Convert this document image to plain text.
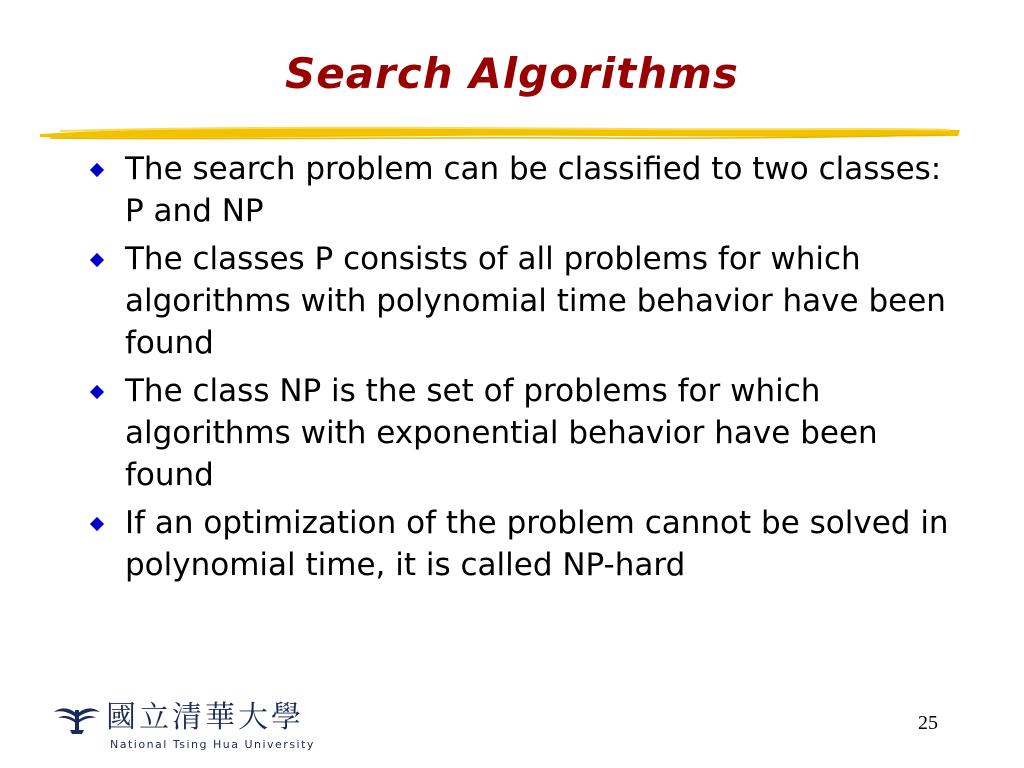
Search Algorithms
The search problem can be classified to two classes: P and NP
The classes P consists of all problems for which algorithms with polynomial time behavior have been found
The class NP is the set of problems for which algorithms with exponential behavior have been found
If an optimization of the problem cannot be solved in polynomial time, it is called NP-hard
國立清華大學
National Tsing Hua University
25
